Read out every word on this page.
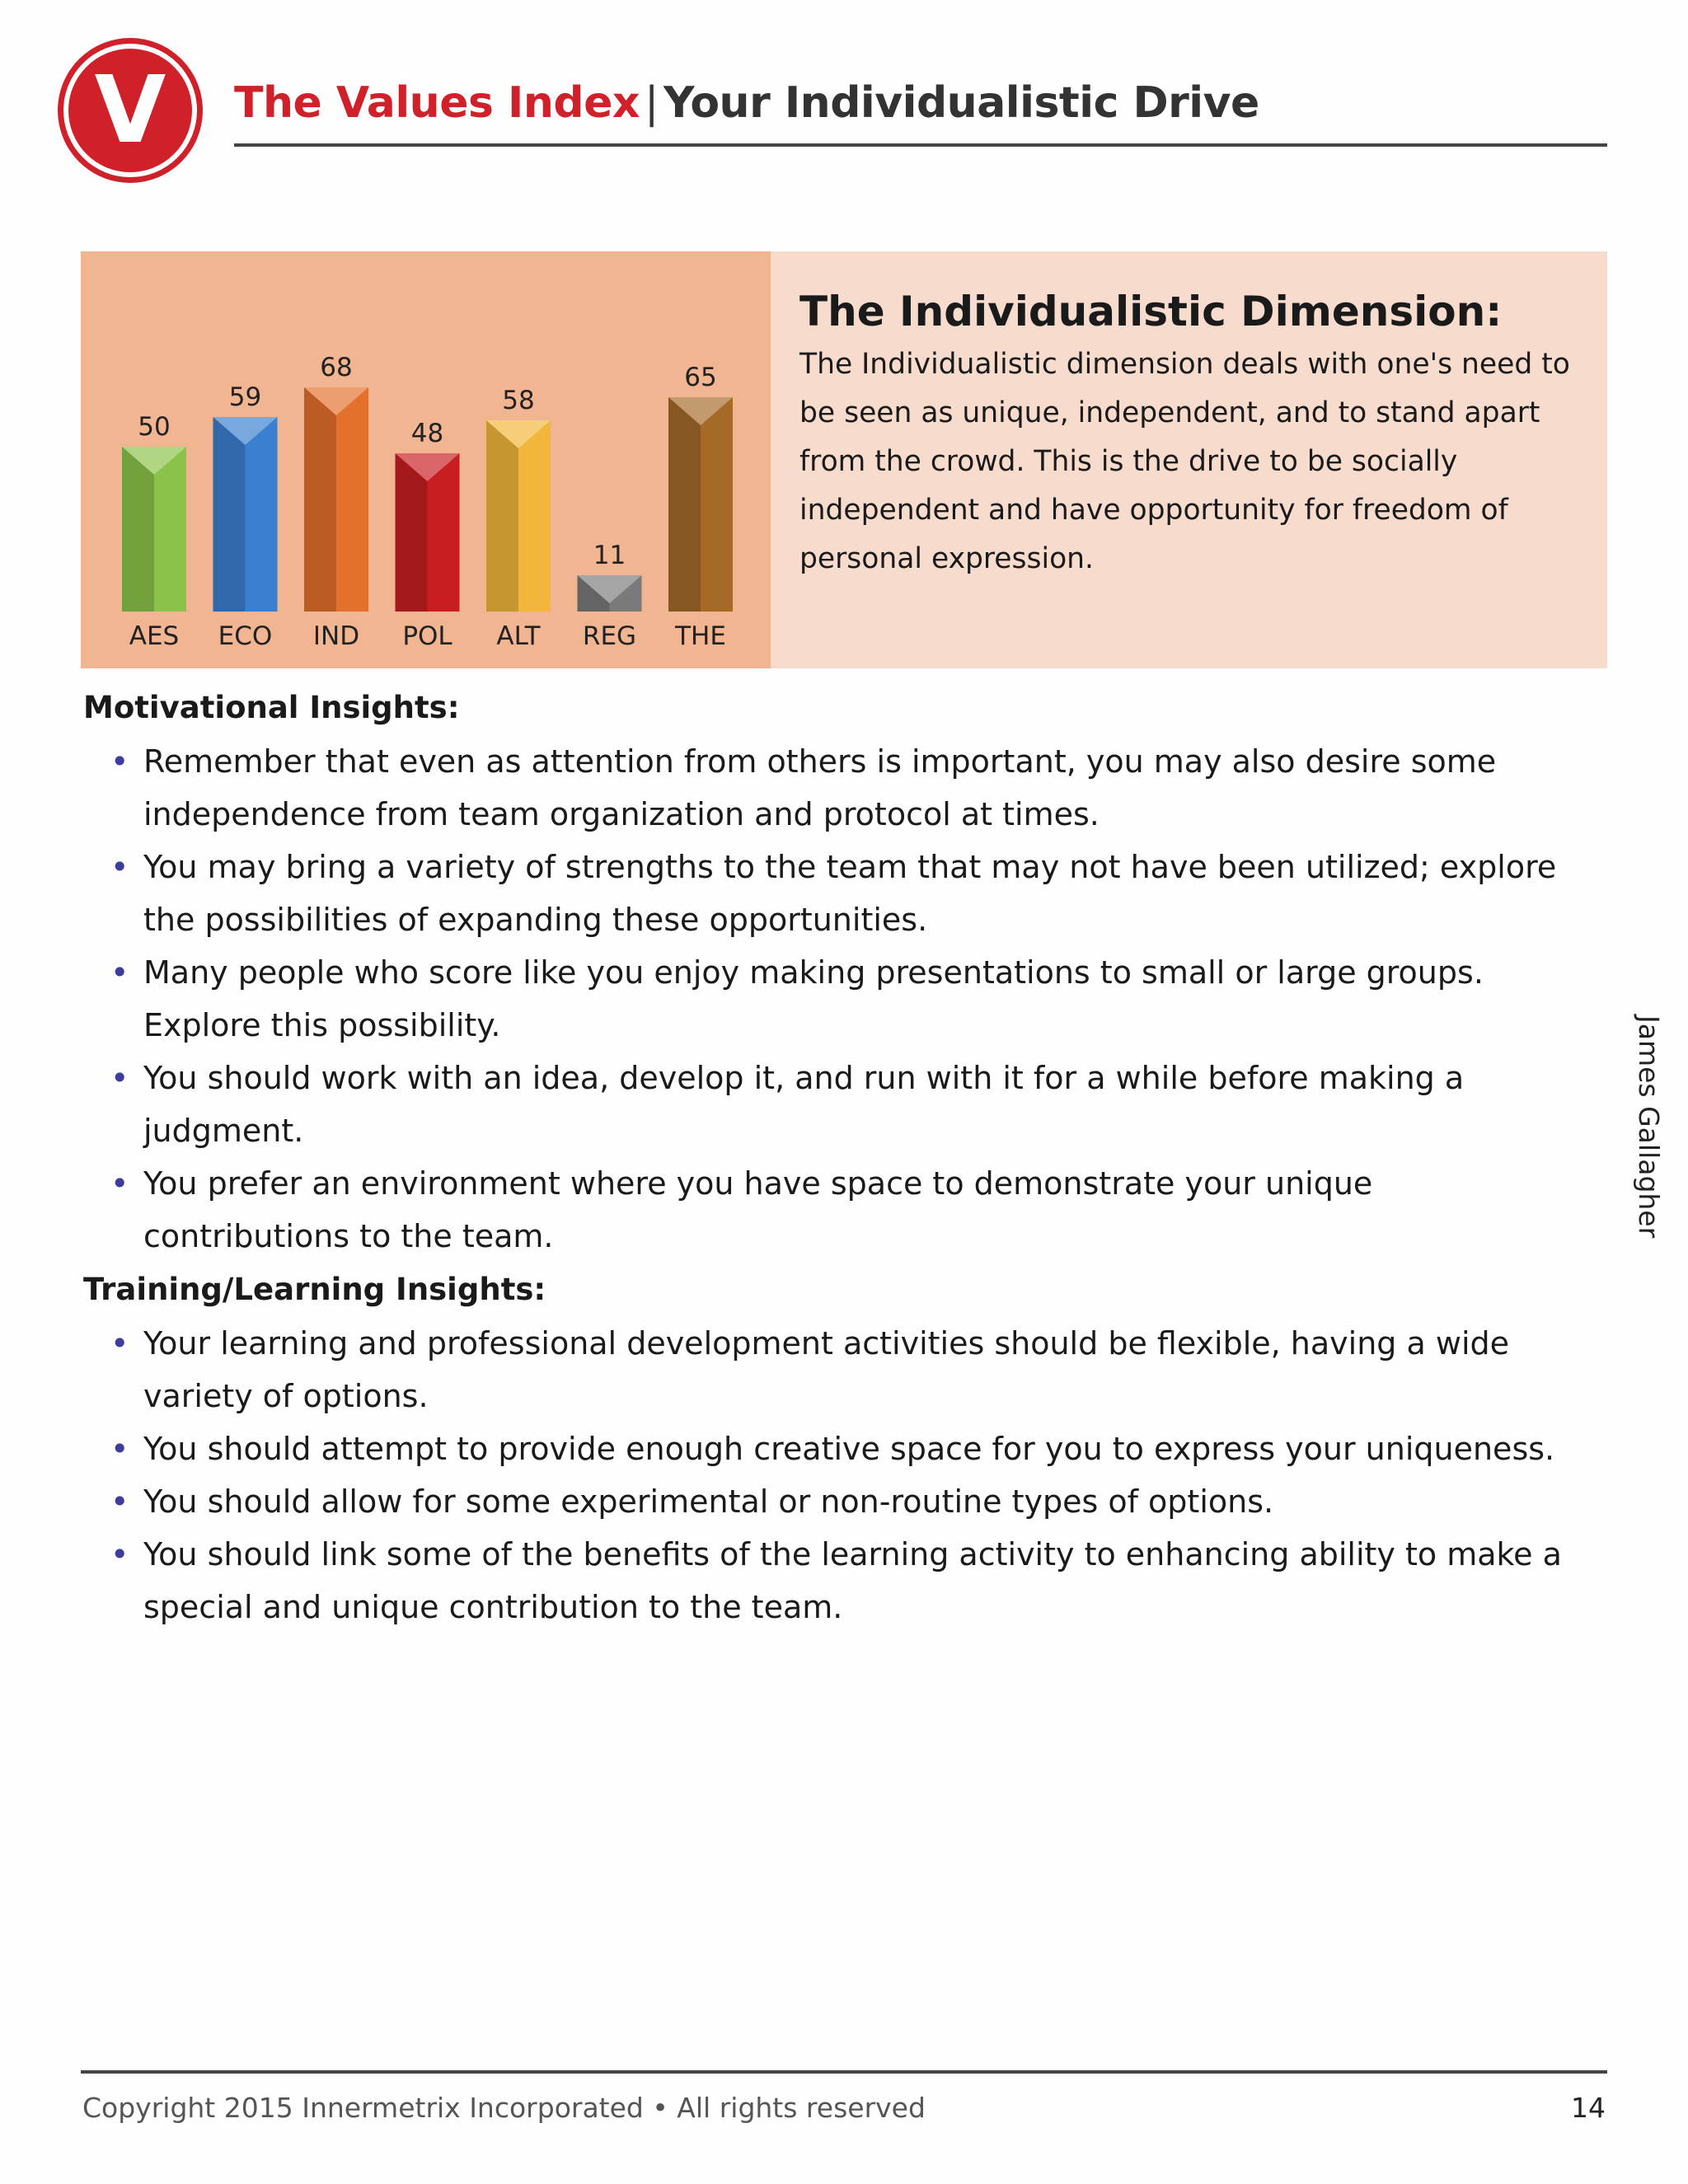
V The Values Index | Your Individualistic Drive
50
AES
59
ECO
68
IND
48
POL
58
ALT
11
REG
65
THE
The Individualistic Dimension:
The Individualistic dimension deals with one's need to be seen as unique, independent, and to stand apart from the crowd. This is the drive to be socially independent and have opportunity for freedom of personal expression.
Motivational Insights:
• Remember that even as attention from others is important, you may also desire some independence from team organization and protocol at times.
• You may bring a variety of strengths to the team that may not have been utilized; explore the possibilities of expanding these opportunities.
• Many people who score like you enjoy making presentations to small or large groups. Explore this possibility.
• You should work with an idea, develop it, and run with it for a while before making a judgment.
• You prefer an environment where you have space to demonstrate your unique contributions to the team.
Training/Learning Insights:
• Your learning and professional development activities should be flexible, having a wide variety of options.
• You should attempt to provide enough creative space for you to express your uniqueness.
• You should allow for some experimental or non-routine types of options.
• You should link some of the benefits of the learning activity to enhancing ability to make a special and unique contribution to the team.
James Gallagher
Copyright 2015 Innermetrix Incorporated • All rights reserved	14
